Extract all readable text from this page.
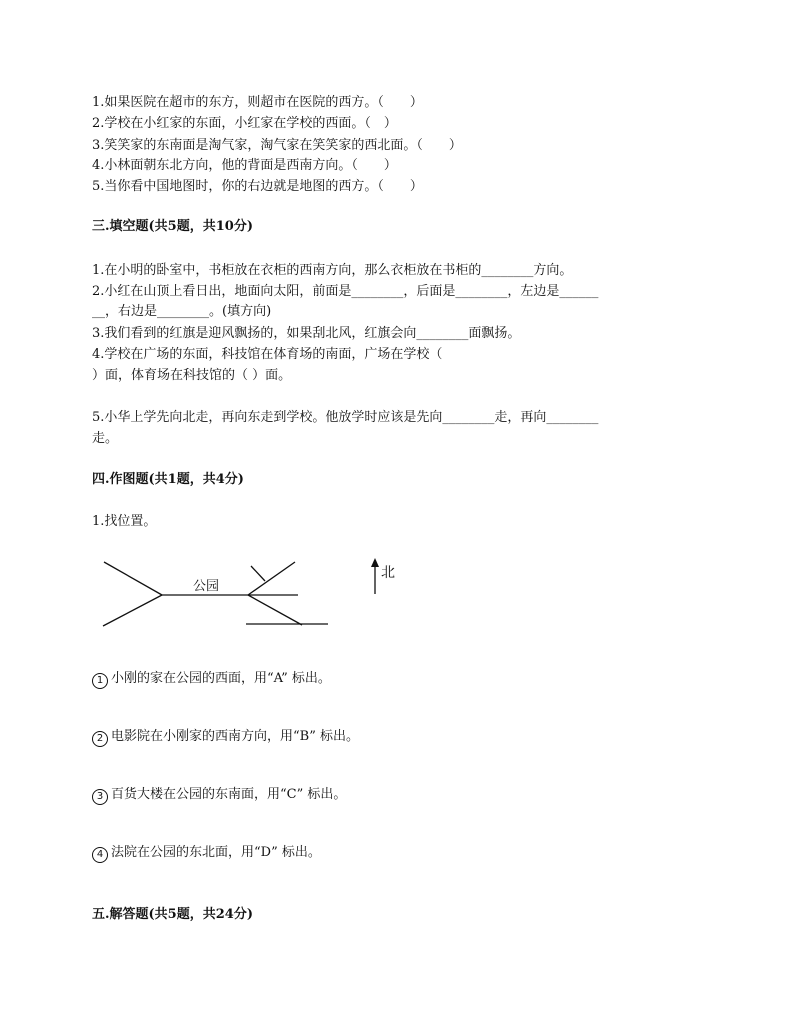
1.如果医院在超市的东方，则超市在医院的西方。（　　）
2.学校在小红家的东面，小红家在学校的西面。（　）
3.笑笑家的东南面是淘气家，淘气家在笑笑家的西北面。（　　）
4.小林面朝东北方向，他的背面是西南方向。（　　）
5.当你看中国地图时，你的右边就是地图的西方。（　　）
三.填空题(共5题，共10分)
1.在小明的卧室中，书柜放在衣柜的西南方向，那么衣柜放在书柜的________方向。
2.小红在山顶上看日出，地面向太阳，前面是________，后面是________，左边是______
__，右边是________。(填方向)
3.我们看到的红旗是迎风飘扬的，如果刮北风，红旗会向________面飘扬。
4.学校在广场的东面，科技馆在体育场的南面，广场在学校（
）面，体育场在科技馆的（ ）面。
5.小华上学先向北走，再向东走到学校。他放学时应该是先向________走，再向________
走。
四.作图题(共1题，共4分)
1.找位置。
公园
北
1 小刚的家在公园的西面，用“A” 标出。
2 电影院在小刚家的西南方向，用“B” 标出。
3 百货大楼在公园的东南面，用“C” 标出。
4 法院在公园的东北面，用“D” 标出。
五.解答题(共5题，共24分)
